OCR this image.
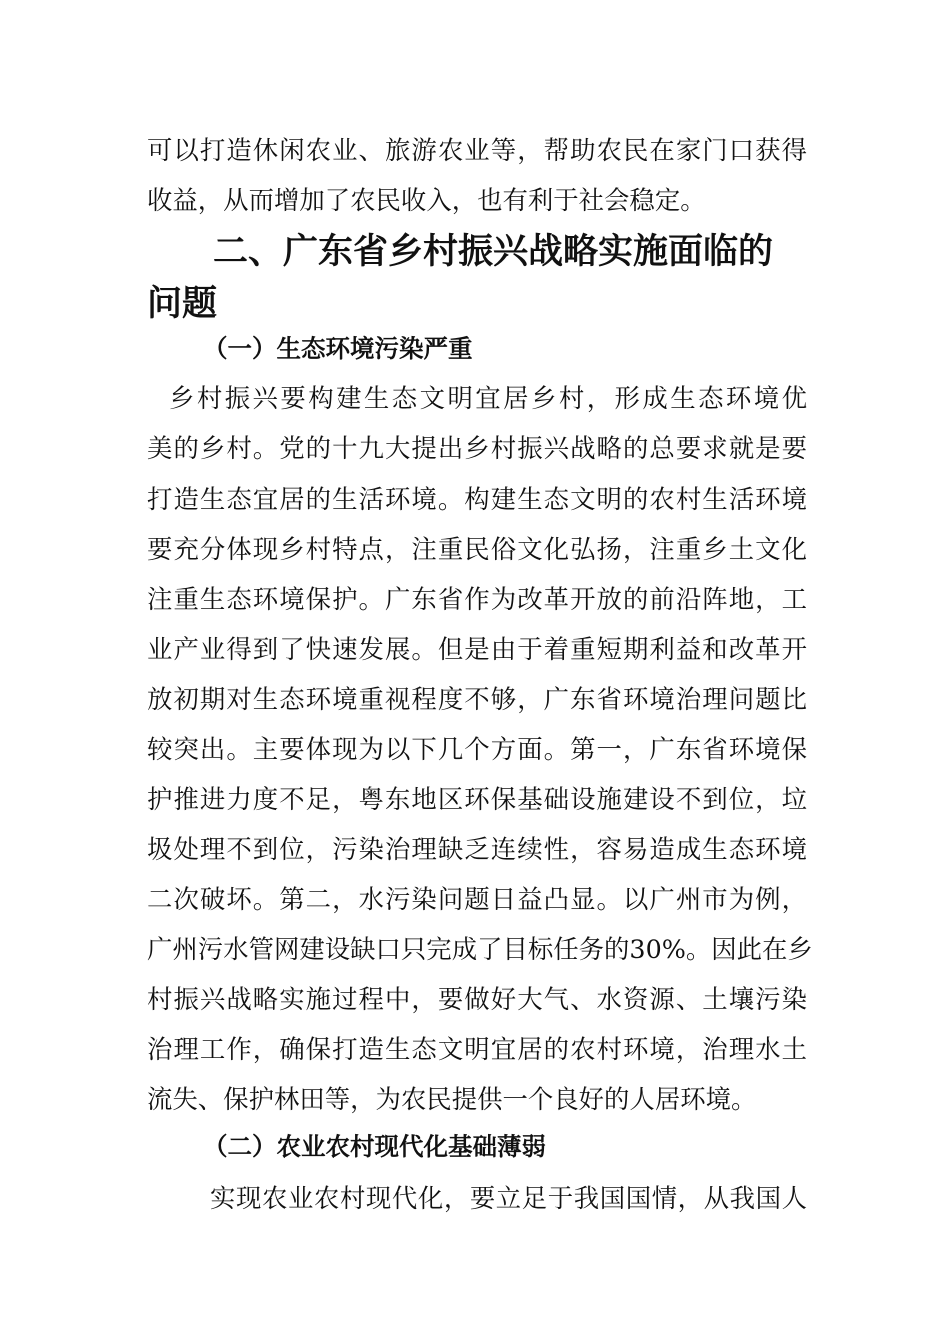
可以打造休闲农业、旅游农业等，帮助农民在家门口获得

收益，从而增加了农民收入，也有利于社会稳定。

二、广东省乡村振兴战略实施面临的
问题
（一）生态环境污染严重

乡村振兴要构建生态文明宜居乡村，形成生态环境优

美的乡村。党的十九大提出乡村振兴战略的总要求就是要

打造生态宜居的生活环境。构建生态文明的农村生活环境

要充分体现乡村特点，注重民俗文化弘扬，注重乡土文化

注重生态环境保护。广东省作为改革开放的前沿阵地，工

业产业得到了快速发展。但是由于着重短期利益和改革开

放初期对生态环境重视程度不够，广东省环境治理问题比

较突出。主要体现为以下几个方面。第一，广东省环境保

护推进力度不足，粤东地区环保基础设施建设不到位，垃

圾处理不到位，污染治理缺乏连续性，容易造成生态环境

二次破坏。第二，水污染问题日益凸显。以广州市为例，

广州污水管网建设缺口只完成了目标任务的30%。因此在乡

村振兴战略实施过程中，要做好大气、水资源、土壤污染

治理工作，确保打造生态文明宜居的农村环境，治理水土

流失、保护林田等，为农民提供一个良好的人居环境。

（二）农业农村现代化基础薄弱

实现农业农村现代化，要立足于我国国情，从我国人
